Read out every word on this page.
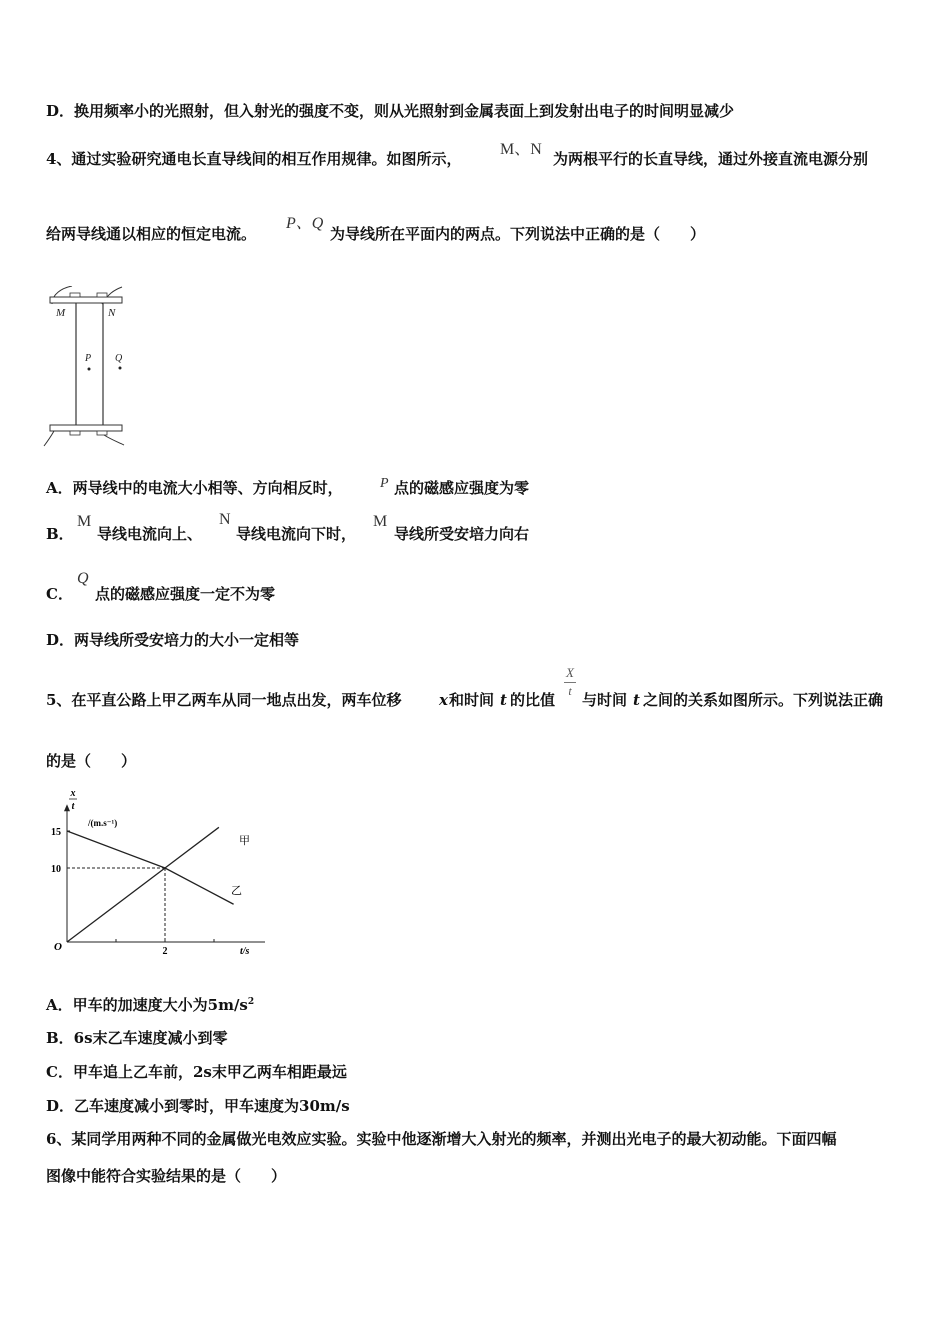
D．换用频率小的光照射，但入射光的强度不变，则从光照射到金属表面上到发射出电子的时间明显减少
4、通过实验研究通电长直导线间的相互作用规律。如图所示，
M、N
为两根平行的长直导线，通过外接直流电源分别
给两导线通以相应的恒定电流。
P、Q
为导线所在平面内的两点。下列说法中正确的是（　　）
M	N
P Q
A．两导线中的电流大小相等、方向相反时，	P 点的磁感应强度为零
B．
M
导线电流向上、
N
导线电流向下时，
M
导线所受安培力向右
C．
Q
点的磁感应强度一定不为零
D．两导线所受安培力的大小一定相等
5、在平直公路上甲乙两车从同一地点出发，两车位移	x 和时间 t 的比值
X
t 与时间 t 之间的关系如图所示。下列说法正确
的是（　　）
2
10
15
x
t
/(m.s⁻¹)
t/s
O
甲
乙
A．甲车的加速度大小为$5m/s^2$
B．6s末乙车速度减小到零
C．甲车追上乙车前，2s末甲乙两车相距最远
D．乙车速度减小到零时，甲车速度为30m/s
6、某同学用两种不同的金属做光电效应实验。实验中他逐渐增大入射光的频率，并测出光电子的最大初动能。下面四幅
图像中能符合实验结果的是（　　）
